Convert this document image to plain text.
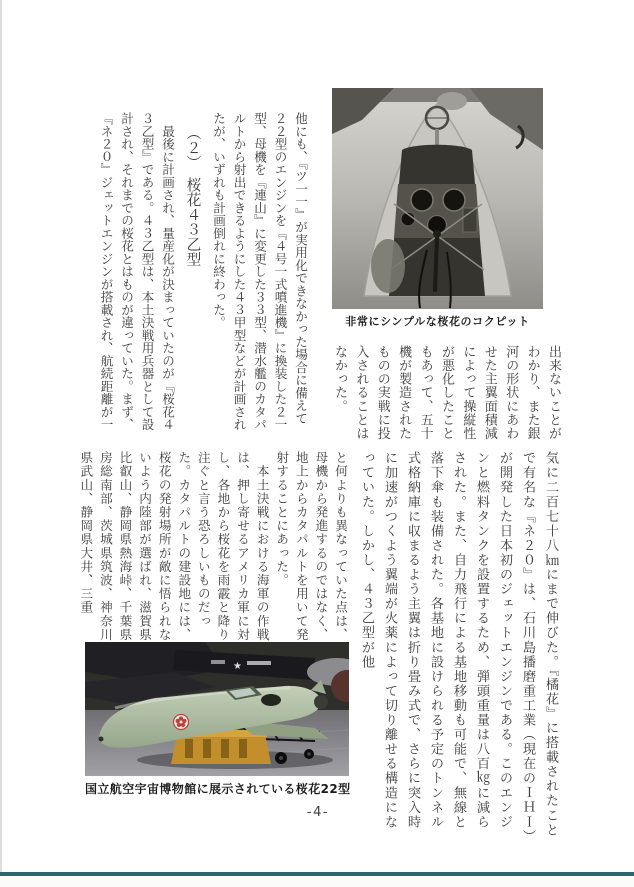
他にも、『ツ一一』が実用化できなかった場合に備えて２２型のエンジンを『４号一式噴進機』に換装した２一型、母機を『連山』に変更した３３型、潜水艦のカタパルトから射出できるようにした４３甲型などが計画されたが、いずれも計画倒れに終わった。

（２）　桜花４３乙型

　最後に計画され、量産化が決まっていたのが『桜花４３乙型』である。４３乙型は、本土決戦用兵器として設計され、それまでの桜花とはものが違っていた。まず、『ネ２０』ジェットエンジンが搭載され、航続距離が一	非常にシンプルな桜花のコクピット

出来ないことがわかり、また銀河の形状にあわせた主翼面積減によって操縦性が悪化したこともあって、五十機が製造されたものの実戦に投入されることはなかった。

気に二百七十八㎞にまで伸びた。『橘花』に搭載されたことで有名な『ネ２０』は、石川島播磨重工業（現在のＩＨＩ）が開発した日本初のジェットエンジンである。このエンジンと燃料タンクを設置するため、弾頭重量は八百㎏に減らされた。また、自力飛行による基地移動も可能で、無線と落下傘も装備された。各基地に設けられる予定のトンネル式格納庫に収まるよう主翼は折り畳み式で、さらに突入時に加速がつくよう翼端が火薬によって切り離せる構造になっていた。しかし、４３乙型が他

と何よりも異なっていた点は、母機から発進するのではなく、地上からカタパルトを用いて発射することにあった。

　本土決戦における海軍の作戦は、押し寄せるアメリカ軍に対し、各地から桜花を雨霰と降り注ぐと言う恐ろしいものだった。カタパルトの建設地には、桜花の発射場所が敵に悟られないよう内陸部が選ばれ、滋賀県比叡山、静岡県熱海峠、千葉県房総南部、茨城県筑波、神奈川県武山、静岡県大井、三重

★
国立航空宇宙博物館に展示されている桜花22型
-4-
